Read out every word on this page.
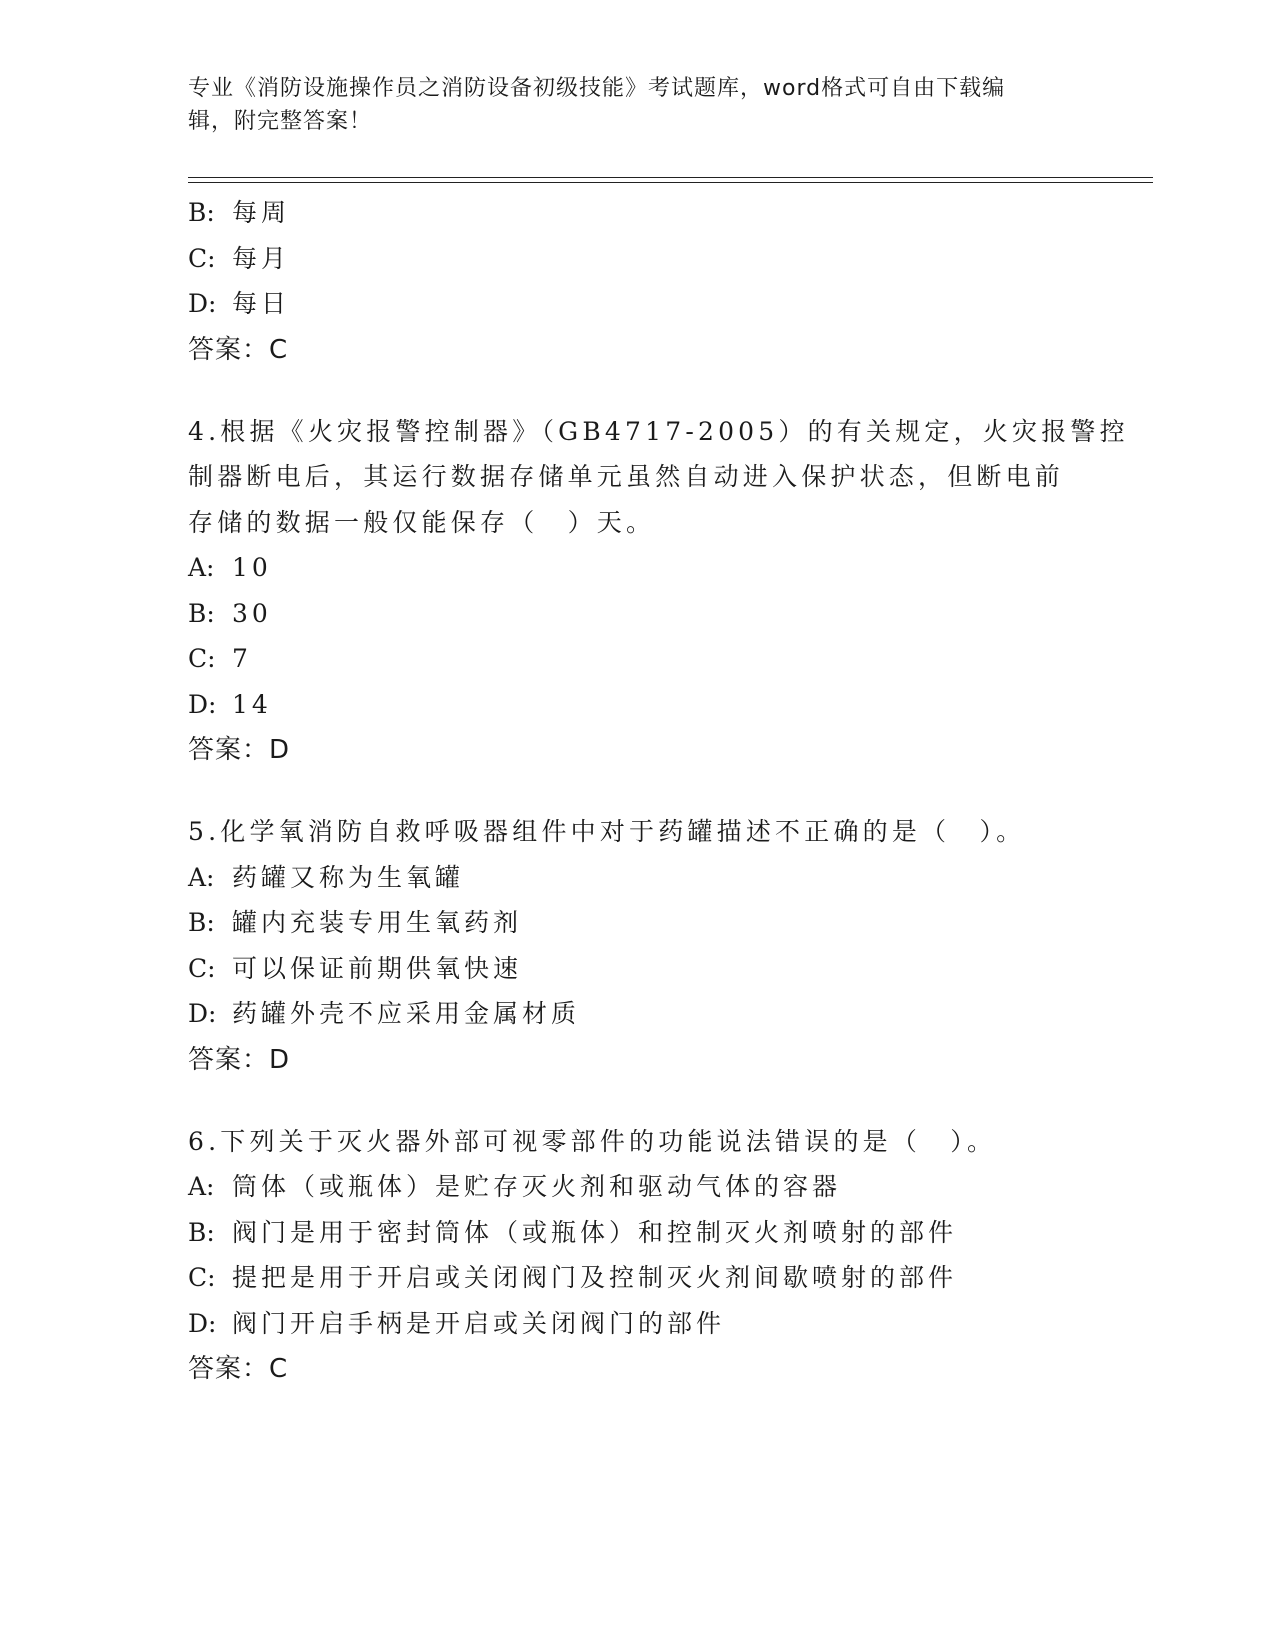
专业《消防设施操作员之消防设备初级技能》考试题库，word格式可自由下载编
辑，附完整答案！
B: 每周
C: 每月
D: 每日
答案：C
4.根据《火灾报警控制器》（GB4717-2005）的有关规定，火灾报警控
制器断电后，其运行数据存储单元虽然自动进入保护状态，但断电前
存储的数据一般仅能保存（　）天。
A: 10
B: 30
C: 7
D: 14
答案：D
5.化学氧消防自救呼吸器组件中对于药罐描述不正确的是（　）。
A: 药罐又称为生氧罐
B: 罐内充装专用生氧药剂
C: 可以保证前期供氧快速
D: 药罐外壳不应采用金属材质
答案：D
6.下列关于灭火器外部可视零部件的功能说法错误的是（　）。
A: 筒体（或瓶体）是贮存灭火剂和驱动气体的容器
B: 阀门是用于密封筒体（或瓶体）和控制灭火剂喷射的部件
C: 提把是用于开启或关闭阀门及控制灭火剂间歇喷射的部件
D: 阀门开启手柄是开启或关闭阀门的部件
答案：C
